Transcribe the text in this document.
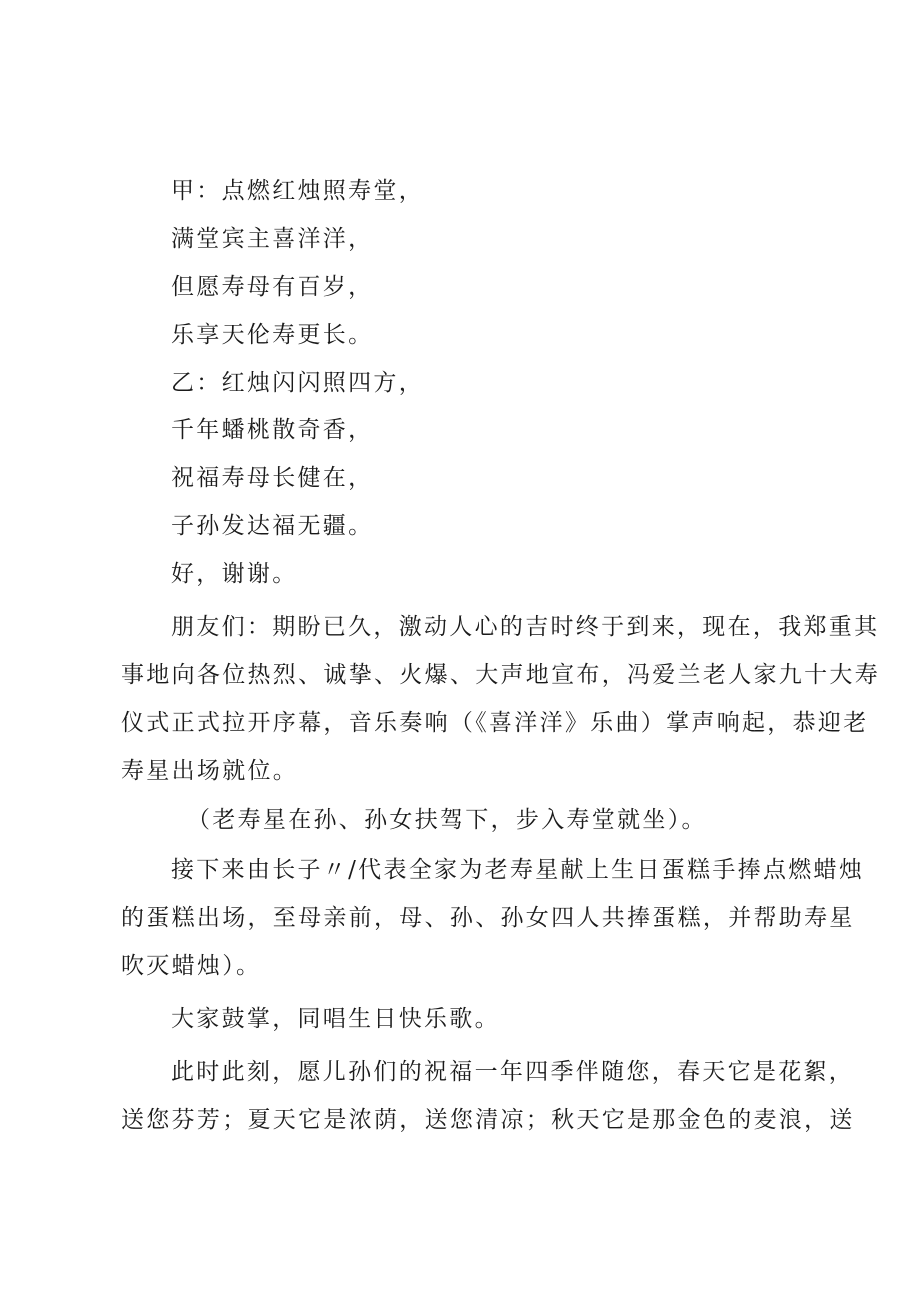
甲：点燃红烛照寿堂，
满堂宾主喜洋洋，
但愿寿母有百岁，
乐享天伦寿更长。
乙：红烛闪闪照四方，
千年蟠桃散奇香，
祝福寿母长健在，
子孙发达福无疆。
好，谢谢。
朋友们：期盼已久，激动人心的吉时终于到来，现在，我郑重其
事地向各位热烈、诚挚、火爆、大声地宣布，冯爱兰老人家九十大寿
仪式正式拉开序幕，音乐奏响（《喜洋洋》乐曲）掌声响起，恭迎老
寿星出场就位。
（老寿星在孙、孙女扶驾下，步入寿堂就坐）。
接下来由长子〃/代表全家为老寿星献上生日蛋糕手捧点燃蜡烛
的蛋糕出场，至母亲前，母、孙、孙女四人共捧蛋糕，并帮助寿星
吹灭蜡烛）。
大家鼓掌，同唱生日快乐歌。
此时此刻，愿儿孙们的祝福一年四季伴随您，春天它是花絮，
送您芬芳；夏天它是浓荫，送您清凉；秋天它是那金色的麦浪，送
